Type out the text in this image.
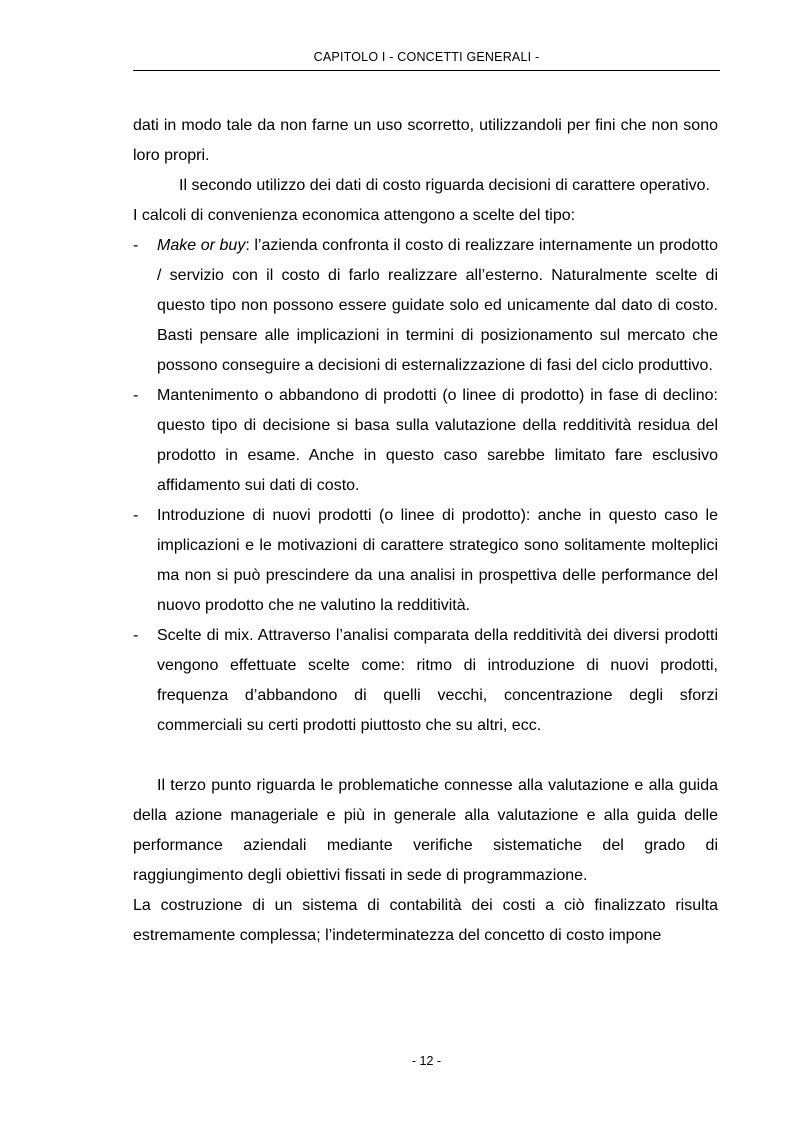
CAPITOLO I - CONCETTI GENERALI -

dati in modo tale da non farne un uso scorretto, utilizzandoli per fini che non sono loro propri.

Il secondo utilizzo dei dati di costo riguarda decisioni di carattere operativo.

I calcoli di convenienza economica attengono a scelte del tipo:

- Make or buy: l’azienda confronta il costo di realizzare internamente un prodotto / servizio con il costo di farlo realizzare all’esterno. Naturalmente scelte di questo tipo non possono essere guidate solo ed unicamente dal dato di costo. Basti pensare alle implicazioni in termini di posizionamento sul mercato che possono conseguire a decisioni di esternalizzazione di fasi del ciclo produttivo.
- Mantenimento o abbandono di prodotti (o linee di prodotto) in fase di declino: questo tipo di decisione si basa sulla valutazione della redditività residua del prodotto in esame. Anche in questo caso sarebbe limitato fare esclusivo affidamento sui dati di costo.
- Introduzione di nuovi prodotti (o linee di prodotto): anche in questo caso le implicazioni e le motivazioni di carattere strategico sono solitamente molteplici ma non si può prescindere da una analisi in prospettiva delle performance del nuovo prodotto che ne valutino la redditività.
- Scelte di mix. Attraverso l’analisi comparata della redditività dei diversi prodotti vengono effettuate scelte come: ritmo di introduzione di nuovi prodotti, frequenza d’abbandono di quelli vecchi, concentrazione degli sforzi commerciali su certi prodotti piuttosto che su altri, ecc.

Il terzo punto riguarda le problematiche connesse alla valutazione e alla guida della azione manageriale e più in generale alla valutazione e alla guida delle performance aziendali mediante verifiche sistematiche del grado di raggiungimento degli obiettivi fissati in sede di programmazione.

La costruzione di un sistema di contabilità dei costi a ciò finalizzato risulta estremamente complessa; l’indeterminatezza del concetto di costo impone

- 12 -
